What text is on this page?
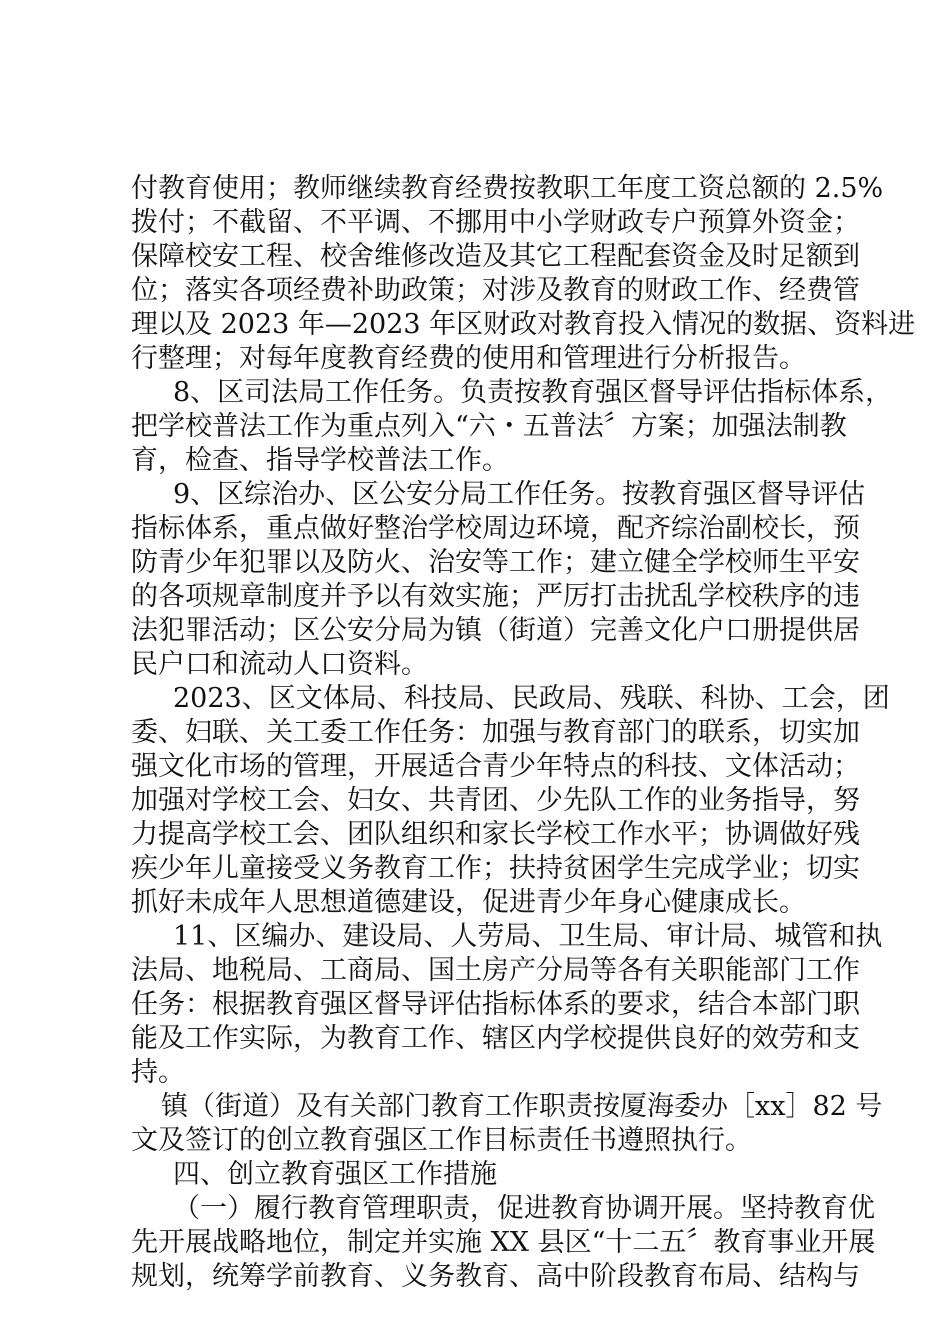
付教育使用；教师继续教育经费按教职工年度工资总额的 2.5%
拨付；不截留、不平调、不挪用中小学财政专户预算外资金；
保障校安工程、校舍维修改造及其它工程配套资金及时足额到
位；落实各项经费补助政策；对涉及教育的财政工作、经费管
理以及 2023 年—2023 年区财政对教育投入情况的数据、资料进
行整理；对每年度教育经费的使用和管理进行分析报告。
8、区司法局工作任务。负责按教育强区督导评估指标体系，
把学校普法工作为重点列入“六・五普法〞方案；加强法制教
育，检查、指导学校普法工作。
9、区综治办、区公安分局工作任务。按教育强区督导评估
指标体系，重点做好整治学校周边环境，配齐综治副校长，预
防青少年犯罪以及防火、治安等工作；建立健全学校师生平安
的各项规章制度并予以有效实施；严厉打击扰乱学校秩序的违
法犯罪活动；区公安分局为镇（街道）完善文化户口册提供居
民户口和流动人口资料。
2023、区文体局、科技局、民政局、残联、科协、工会，团
委、妇联、关工委工作任务：加强与教育部门的联系，切实加
强文化市场的管理，开展适合青少年特点的科技、文体活动；
加强对学校工会、妇女、共青团、少先队工作的业务指导，努
力提高学校工会、团队组织和家长学校工作水平；协调做好残
疾少年儿童接受义务教育工作；扶持贫困学生完成学业；切实
抓好未成年人思想道德建设，促进青少年身心健康成长。
11、区编办、建设局、人劳局、卫生局、审计局、城管和执
法局、地税局、工商局、国土房产分局等各有关职能部门工作
任务：根据教育强区督导评估指标体系的要求，结合本部门职
能及工作实际，为教育工作、辖区内学校提供良好的效劳和支
持。
镇（街道）及有关部门教育工作职责按厦海委办［xx］82 号
文及签订的创立教育强区工作目标责任书遵照执行。
四、创立教育强区工作措施
（一）履行教育管理职责，促进教育协调开展。坚持教育优
先开展战略地位，制定并实施 XX 县区“十二五〞教育事业开展
规划，统筹学前教育、义务教育、高中阶段教育布局、结构与
